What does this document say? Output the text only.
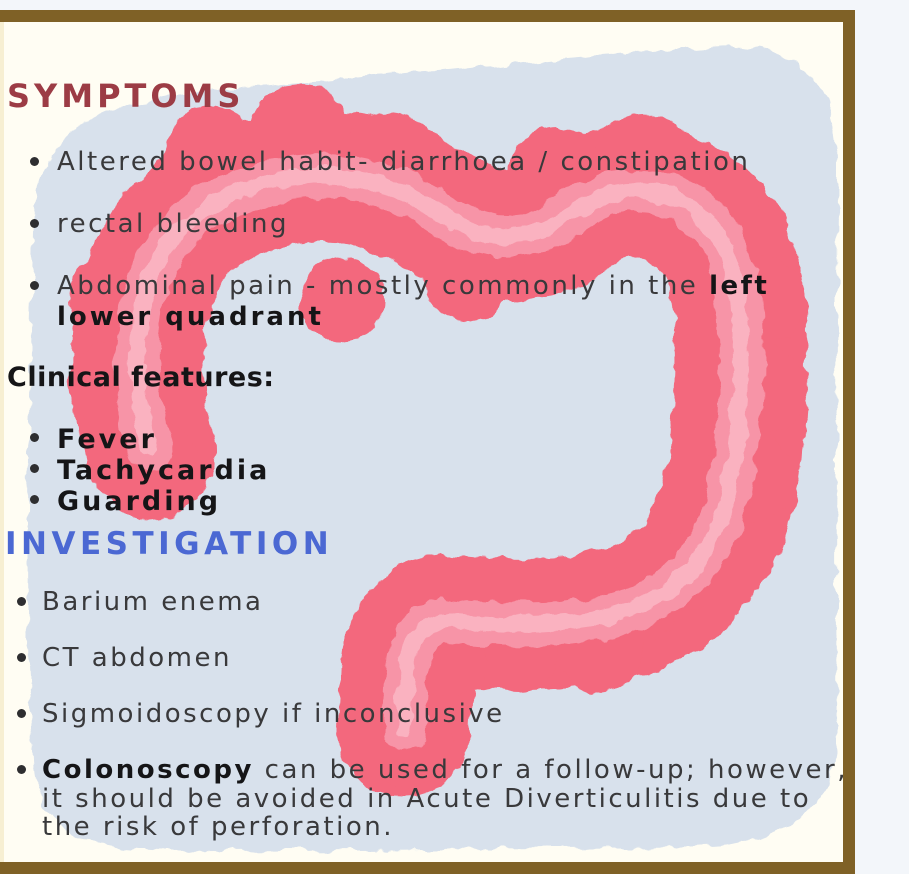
SYMPTOMS
Altered bowel habit- diarrhoea / constipation
rectal bleeding
Abdominal pain - mostly commonly in the left
lower quadrant
Clinical features:
Fever
Tachycardia
Guarding
INVESTIGATION
Barium enema
CT abdomen
Sigmoidoscopy if inconclusive
Colonoscopy can be used for a follow-up; however,
it should be avoided in Acute Diverticulitis due to
the risk of perforation.
